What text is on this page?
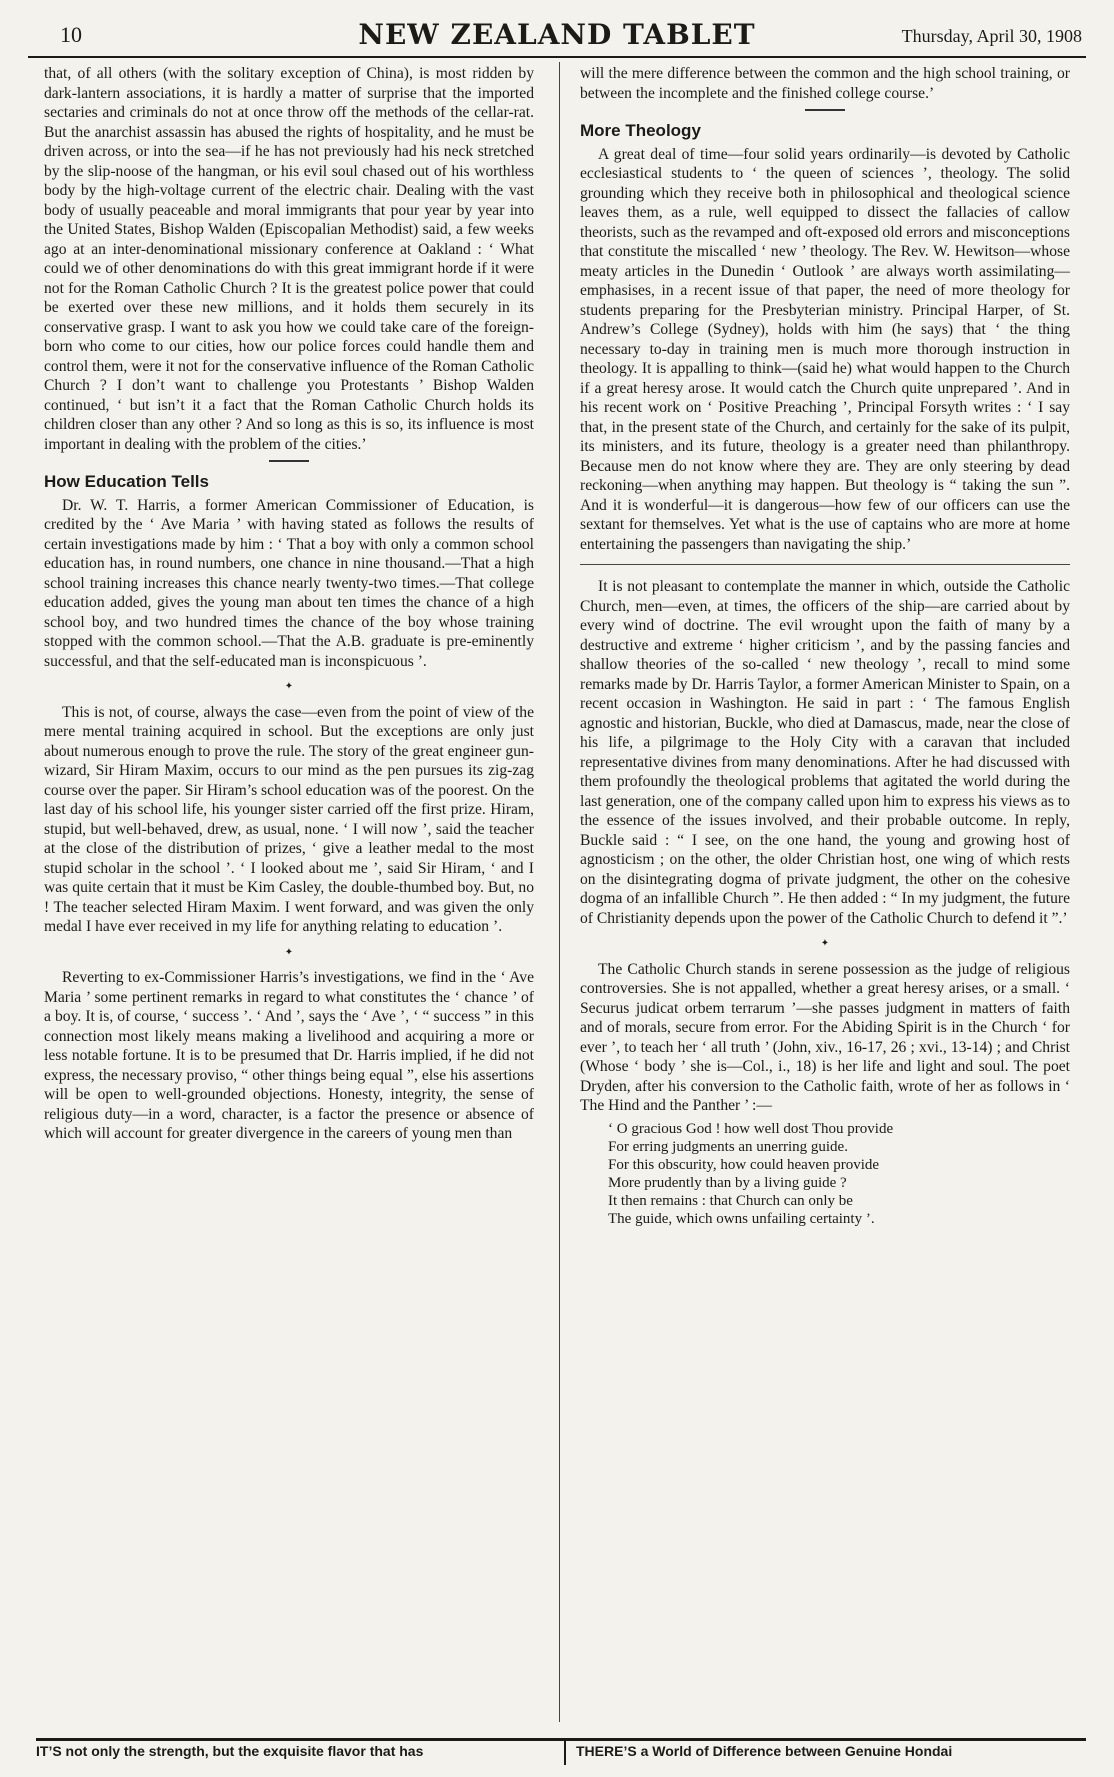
10	NEW ZEALAND TABLET	Thursday, April 30, 1908

that, of all others (with the solitary exception of China), is most ridden by dark-lantern associations, it is hardly a matter of surprise that the imported sectaries and criminals do not at once throw off the methods of the cellar-rat. But the anarchist assassin has abused the rights of hospitality, and he must be driven across, or into the sea—if he has not previously had his neck stretched by the slip-noose of the hangman, or his evil soul chased out of his worthless body by the high-voltage current of the electric chair. Dealing with the vast body of usually peaceable and moral immigrants that pour year by year into the United States, Bishop Walden (Episcopalian Methodist) said, a few weeks ago at an inter-denominational missionary conference at Oakland : ‘ What could we of other denominations do with this great immigrant horde if it were not for the Roman Catholic Church ? It is the greatest police power that could be exerted over these new millions, and it holds them securely in its conservative grasp. I want to ask you how we could take care of the foreign-born who come to our cities, how our police forces could handle them and control them, were it not for the conservative influence of the Roman Catholic Church ? I don’t want to challenge you Protestants ’ Bishop Walden continued, ‘ but isn’t it a fact that the Roman Catholic Church holds its children closer than any other ? And so long as this is so, its influence is most important in dealing with the problem of the cities.’

How Education Tells

Dr. W. T. Harris, a former American Commissioner of Education, is credited by the ‘ Ave Maria ’ with having stated as follows the results of certain investigations made by him : ‘ That a boy with only a common school education has, in round numbers, one chance in nine thousand.—That a high school training increases this chance nearly twenty-two times.—That college education added, gives the young man about ten times the chance of a high school boy, and two hundred times the chance of the boy whose training stopped with the common school.—That the A.B. graduate is pre-eminently successful, and that the self-educated man is inconspicuous ’.

✦

This is not, of course, always the case—even from the point of view of the mere mental training acquired in school. But the exceptions are only just about numerous enough to prove the rule. The story of the great engineer gun-wizard, Sir Hiram Maxim, occurs to our mind as the pen pursues its zig-zag course over the paper. Sir Hiram’s school education was of the poorest. On the last day of his school life, his younger sister carried off the first prize. Hiram, stupid, but well-behaved, drew, as usual, none. ‘ I will now ’, said the teacher at the close of the distribution of prizes, ‘ give a leather medal to the most stupid scholar in the school ’. ‘ I looked about me ’, said Sir Hiram, ‘ and I was quite certain that it must be Kim Casley, the double-thumbed boy. But, no ! The teacher selected Hiram Maxim. I went forward, and was given the only medal I have ever received in my life for anything relating to education ’.

✦

Reverting to ex-Commissioner Harris’s investigations, we find in the ‘ Ave Maria ’ some pertinent remarks in regard to what constitutes the ‘ chance ’ of a boy. It is, of course, ‘ success ’. ‘ And ’, says the ‘ Ave ’, ‘ “ success ” in this connection most likely means making a livelihood and acquiring a more or less notable fortune. It is to be presumed that Dr. Harris implied, if he did not express, the necessary proviso, “ other things being equal ”, else his assertions will be open to well-grounded objections. Honesty, integrity, the sense of religious duty—in a word, character, is a factor the presence or absence of which will account for greater divergence in the careers of young men than

will the mere difference between the common and the high school training, or between the incomplete and the finished college course.’

More Theology

A great deal of time—four solid years ordinarily—is devoted by Catholic ecclesiastical students to ‘ the queen of sciences ’, theology. The solid grounding which they receive both in philosophical and theological science leaves them, as a rule, well equipped to dissect the fallacies of callow theorists, such as the revamped and oft-exposed old errors and misconceptions that constitute the miscalled ‘ new ’ theology. The Rev. W. Hewitson—whose meaty articles in the Dunedin ‘ Outlook ’ are always worth assimilating—emphasises, in a recent issue of that paper, the need of more theology for students preparing for the Presbyterian ministry. Principal Harper, of St. Andrew’s College (Sydney), holds with him (he says) that ‘ the thing necessary to-day in training men is much more thorough instruction in theology. It is appalling to think—(said he) what would happen to the Church if a great heresy arose. It would catch the Church quite unprepared ’. And in his recent work on ‘ Positive Preaching ’, Principal Forsyth writes : ‘ I say that, in the present state of the Church, and certainly for the sake of its pulpit, its ministers, and its future, theology is a greater need than philanthropy. Because men do not know where they are. They are only steering by dead reckoning—when anything may happen. But theology is “ taking the sun ”. And it is wonderful—it is dangerous—how few of our officers can use the sextant for themselves. Yet what is the use of captains who are more at home entertaining the passengers than navigating the ship.’

It is not pleasant to contemplate the manner in which, outside the Catholic Church, men—even, at times, the officers of the ship—are carried about by every wind of doctrine. The evil wrought upon the faith of many by a destructive and extreme ‘ higher criticism ’, and by the passing fancies and shallow theories of the so-called ‘ new theology ’, recall to mind some remarks made by Dr. Harris Taylor, a former American Minister to Spain, on a recent occasion in Washington. He said in part : ‘ The famous English agnostic and historian, Buckle, who died at Damascus, made, near the close of his life, a pilgrimage to the Holy City with a caravan that included representative divines from many denominations. After he had discussed with them profoundly the theological problems that agitated the world during the last generation, one of the company called upon him to express his views as to the essence of the issues involved, and their probable outcome. In reply, Buckle said : “ I see, on the one hand, the young and growing host of agnosticism ; on the other, the older Christian host, one wing of which rests on the disintegrating dogma of private judgment, the other on the cohesive dogma of an infallible Church ”. He then added : “ In my judgment, the future of Christianity depends upon the power of the Catholic Church to defend it ”.’

✦

The Catholic Church stands in serene possession as the judge of religious controversies. She is not appalled, whether a great heresy arises, or a small. ‘ Securus judicat orbem terrarum ’—she passes judgment in matters of faith and of morals, secure from error. For the Abiding Spirit is in the Church ‘ for ever ’, to teach her ‘ all truth ’ (John, xiv., 16-17, 26 ; xvi., 13-14) ; and Christ (Whose ‘ body ’ she is—Col., i., 18) is her life and light and soul. The poet Dryden, after his conversion to the Catholic faith, wrote of her as follows in ‘ The Hind and the Panther ’ :—

‘ O gracious God ! how well dost Thou provide
For erring judgments an unerring guide.
For this obscurity, how could heaven provide
More prudently than by a living guide ?
It then remains : that Church can only be
The guide, which owns unfailing certainty ’.
IT’S not only the strength, but the exquisite flavor that has	THERE’S a World of Difference between Genuine Hondai
